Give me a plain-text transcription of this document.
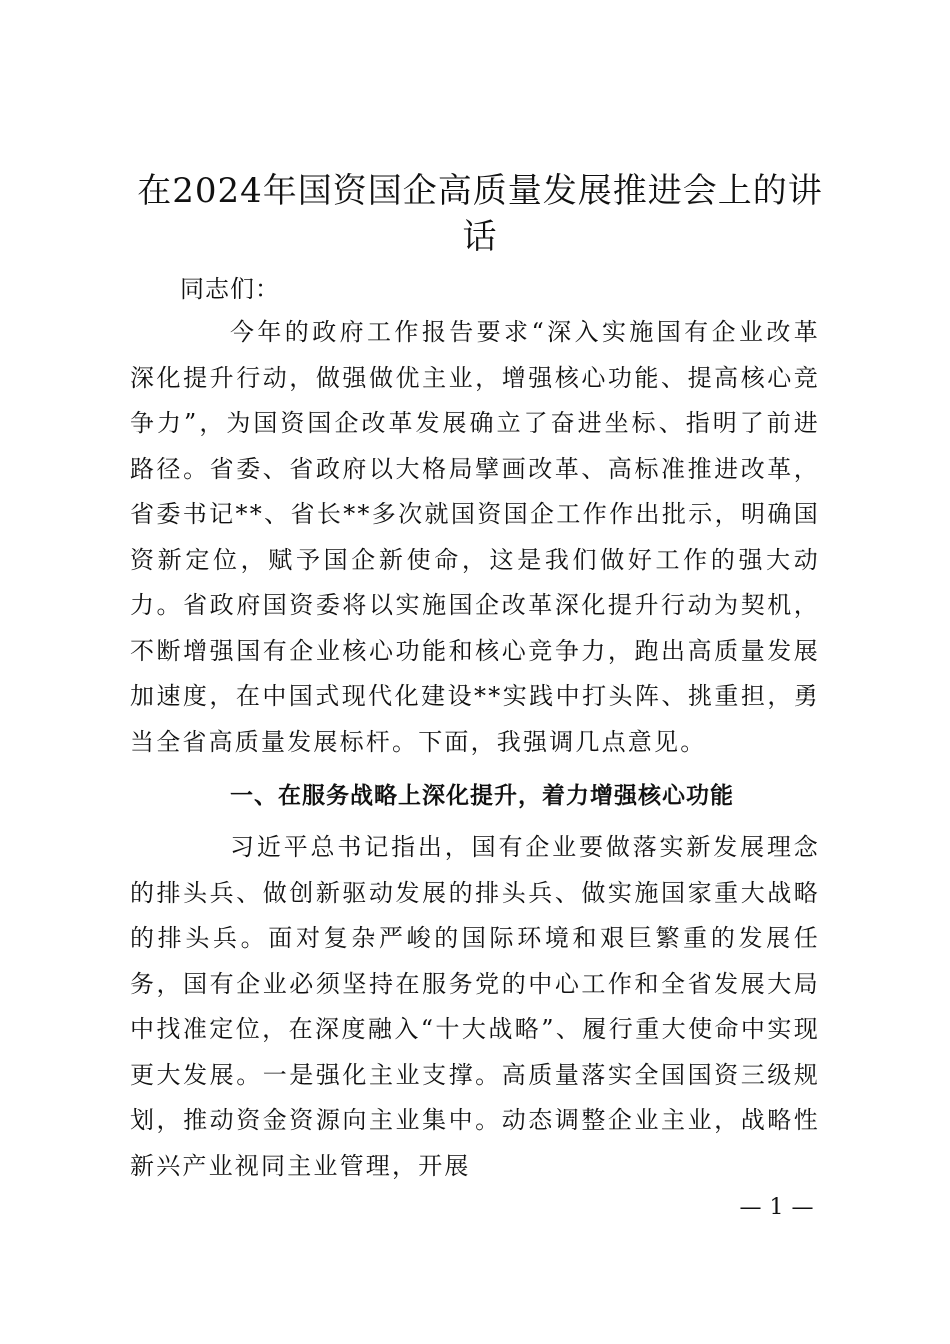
在2024年国资国企高质量发展推进会上的讲话
同志们：

今年的政府工作报告要求“深入实施国有企业改革深化提升行动，做强做优主业，增强核心功能、提高核心竞争力”，为国资国企改革发展确立了奋进坐标、指明了前进路径。省委、省政府以大格局擘画改革、高标准推进改革，省委书记**、省长**多次就国资国企工作作出批示，明确国资新定位，赋予国企新使命，这是我们做好工作的强大动力。省政府国资委将以实施国企改革深化提升行动为契机，不断增强国有企业核心功能和核心竞争力，跑出高质量发展加速度，在中国式现代化建设**实践中打头阵、挑重担，勇当全省高质量发展标杆。下面，我强调几点意见。

一、在服务战略上深化提升，着力增强核心功能

习近平总书记指出，国有企业要做落实新发展理念的排头兵、做创新驱动发展的排头兵、做实施国家重大战略的排头兵。面对复杂严峻的国际环境和艰巨繁重的发展任务，国有企业必须坚持在服务党的中心工作和全省发展大局中找准定位，在深度融入“十大战略”、履行重大使命中实现更大发展。一是强化主业支撑。高质量落实全国国资三级规划，推动资金资源向主业集中。动态调整企业主业，战略性新兴产业视同主业管理，开展

— 1 —
